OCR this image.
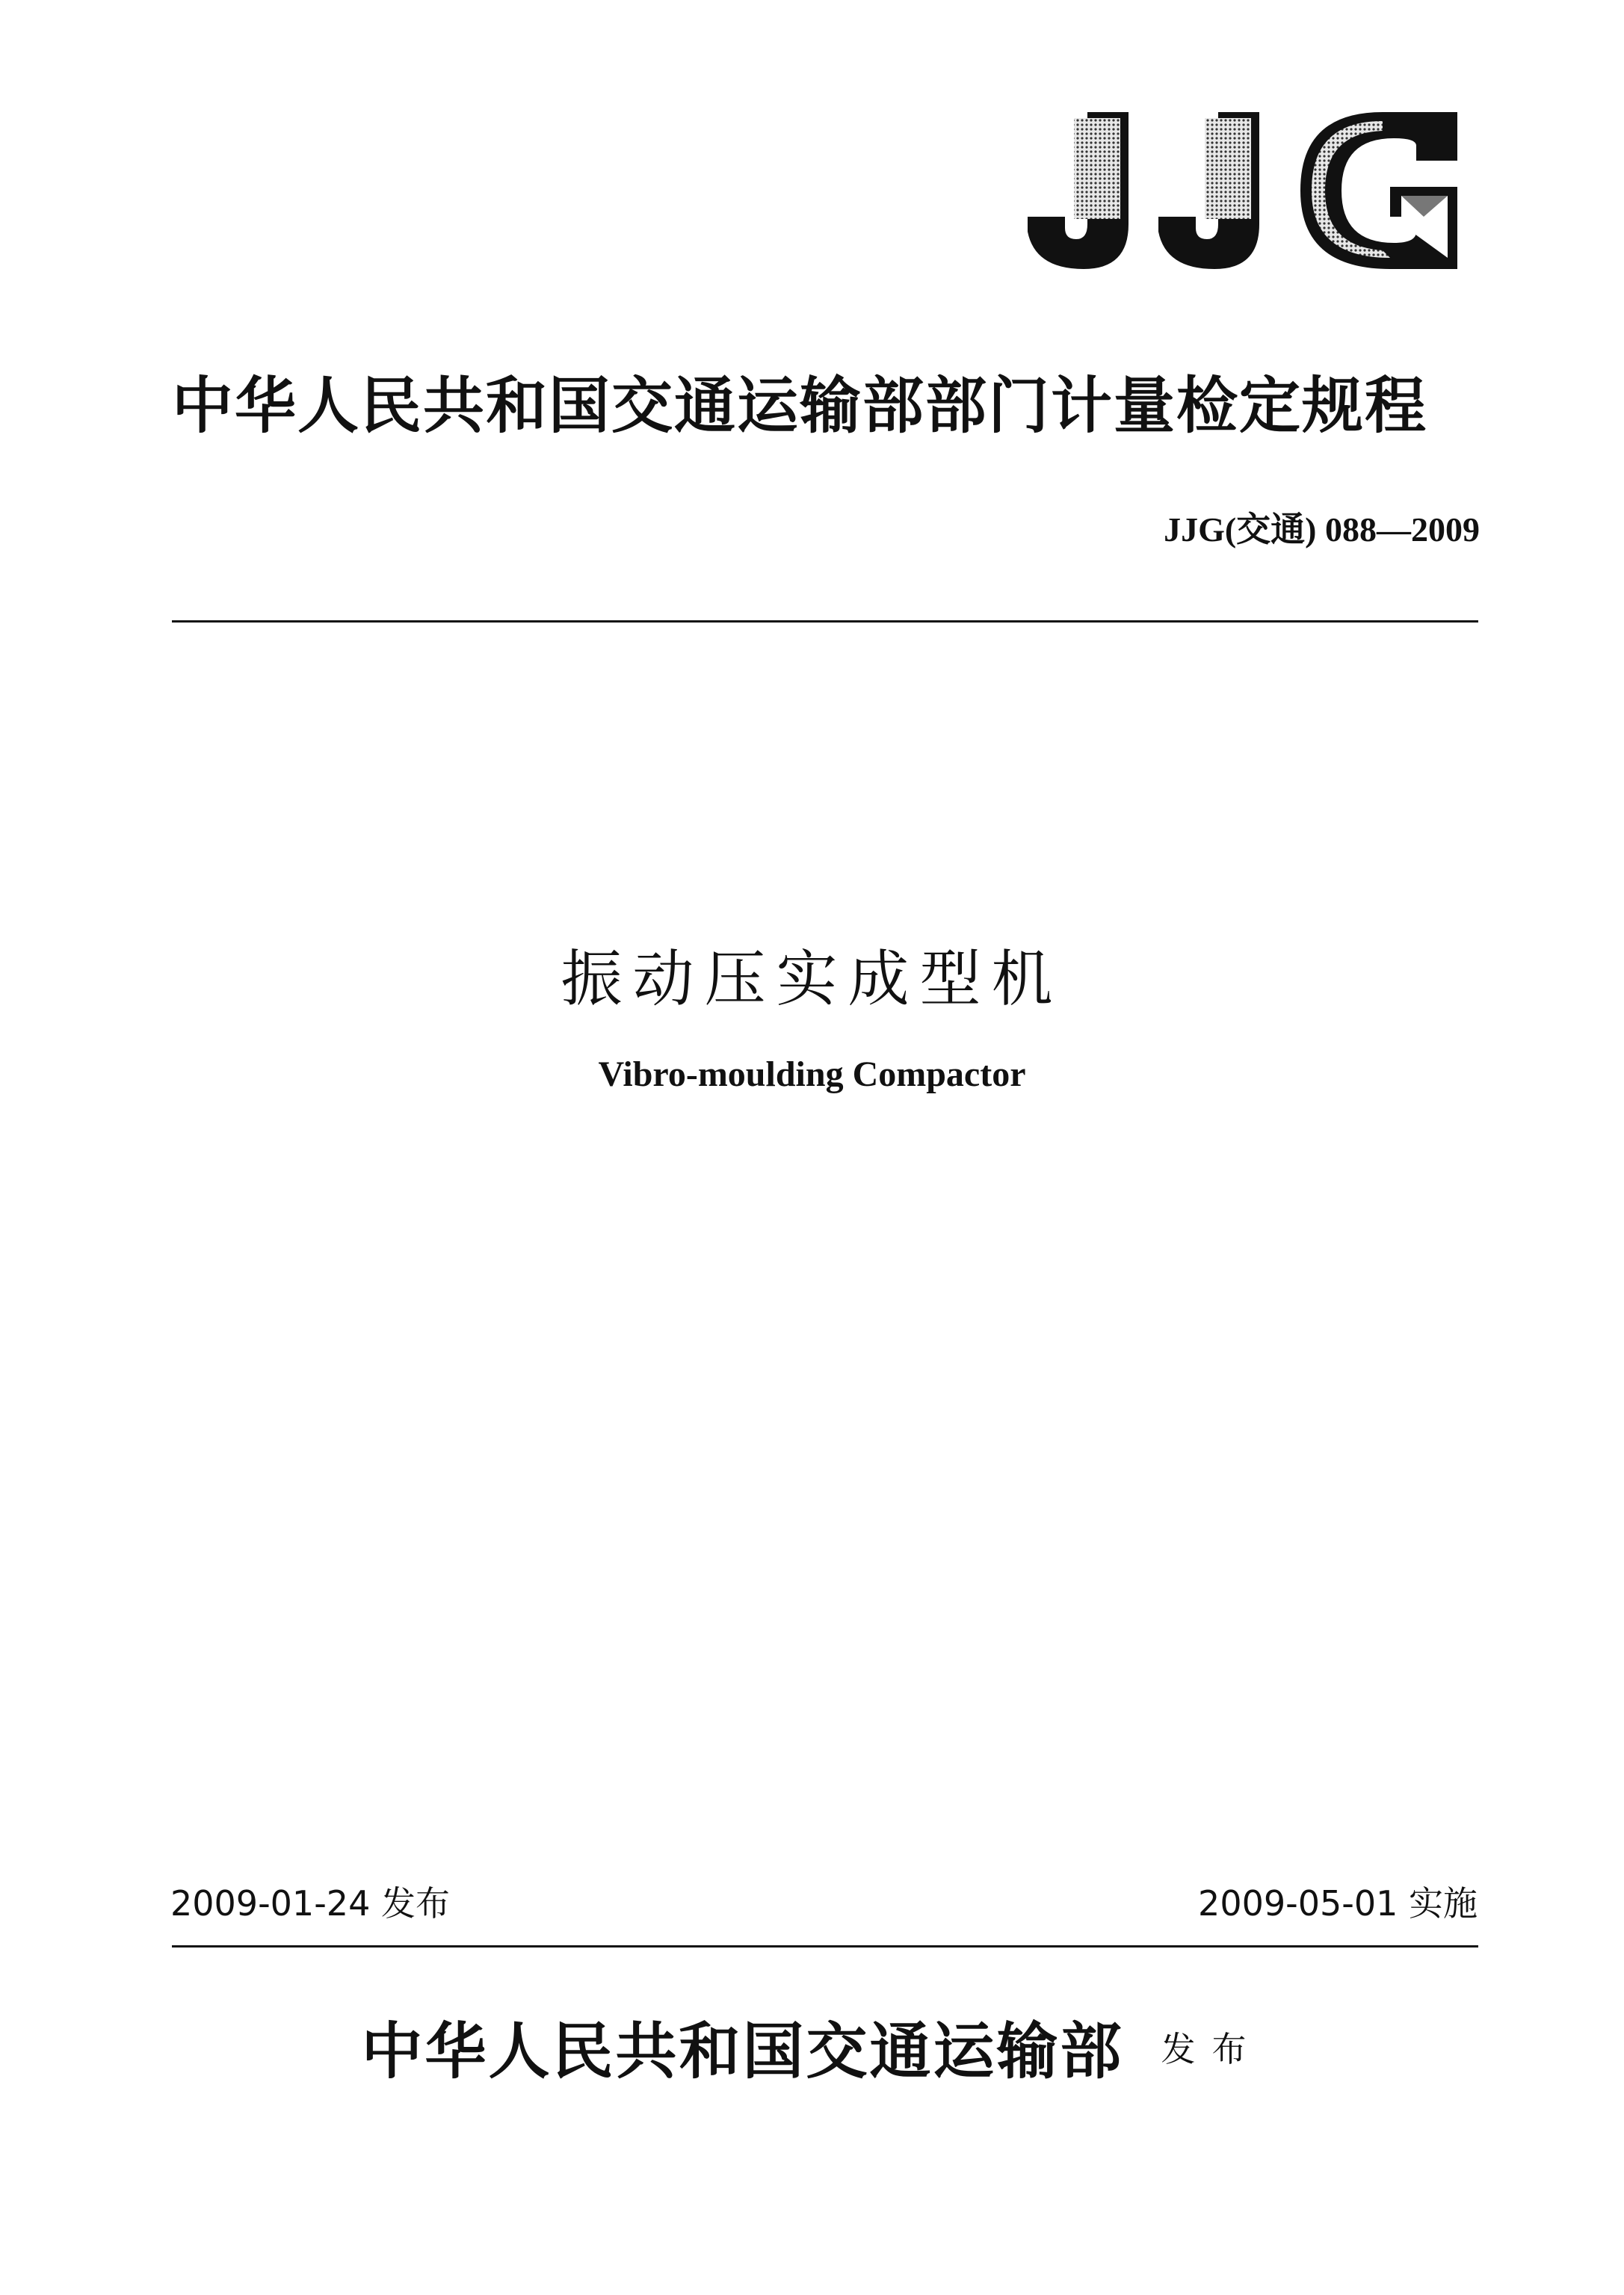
中华人民共和国交通运输部部门计量检定规程
JJG(交通) 088—2009
振动压实成型机
Vibro-moulding Compactor
2009-01-24 发布	2009-05-01 实施
中华人民共和国交通运输部 发布
